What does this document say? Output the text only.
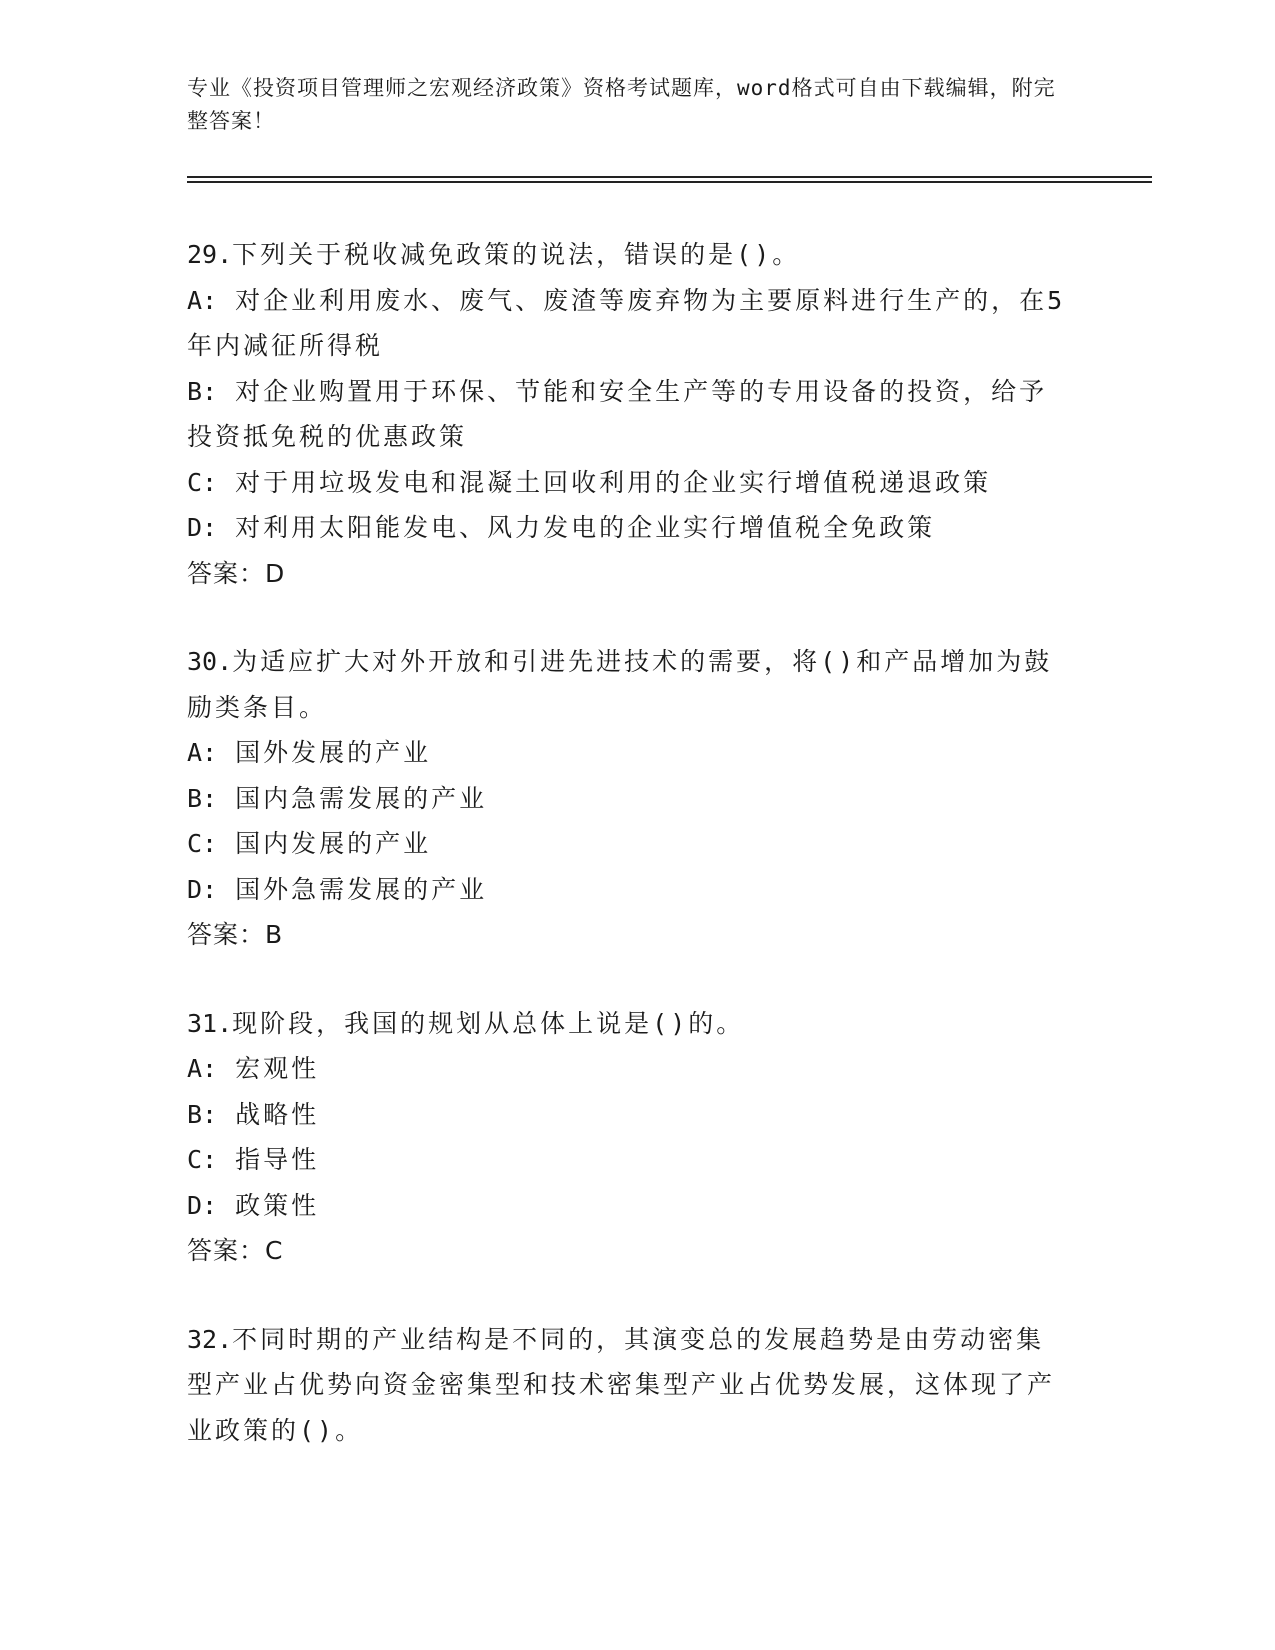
专业《投资项目管理师之宏观经济政策》资格考试题库，word格式可自由下载编辑，附完整答案！
29.下列关于税收减免政策的说法，错误的是()。
A: 对企业利用废水、废气、废渣等废弃物为主要原料进行生产的，在5年内减征所得税
B: 对企业购置用于环保、节能和安全生产等的专用设备的投资，给予投资抵免税的优惠政策
C: 对于用垃圾发电和混凝土回收利用的企业实行增值税递退政策
D: 对利用太阳能发电、风力发电的企业实行增值税全免政策
答案：D
30.为适应扩大对外开放和引进先进技术的需要，将()和产品增加为鼓励类条目。
A: 国外发展的产业
B: 国内急需发展的产业
C: 国内发展的产业
D: 国外急需发展的产业
答案：B
31.现阶段，我国的规划从总体上说是()的。
A: 宏观性
B: 战略性
C: 指导性
D: 政策性
答案：C
32.不同时期的产业结构是不同的，其演变总的发展趋势是由劳动密集型产业占优势向资金密集型和技术密集型产业占优势发展，这体现了产业政策的()。
